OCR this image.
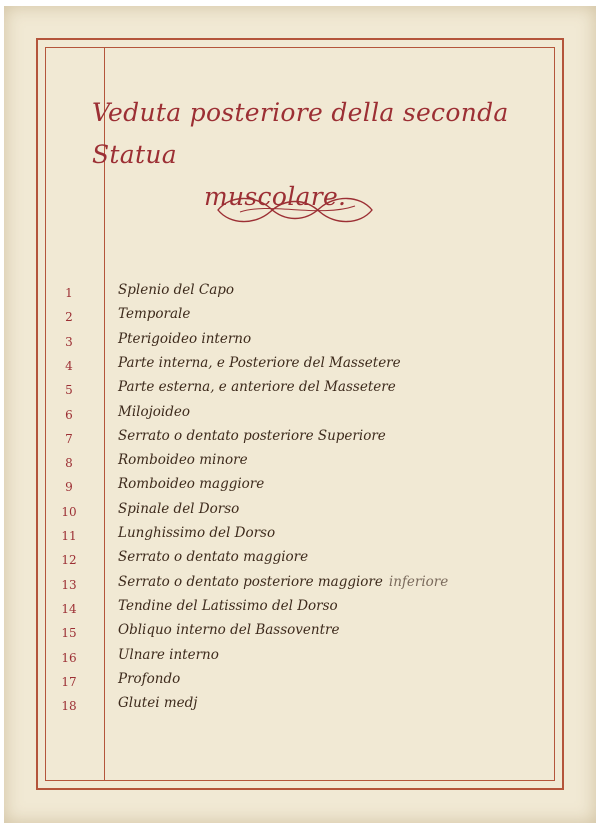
Veduta posteriore della seconda Statua
muscolare.
1	Splenio del Capo
2	Temporale
3	Pterigoideo interno
4	Parte interna, e Posteriore del Massetere
5	Parte esterna, e anteriore del Massetere
6	Milojoideo
7	Serrato o dentato posteriore Superiore
8	Romboideo minore
9	Romboideo maggiore
10	Spinale del Dorso
11	Lunghissimo del Dorso
12	Serrato o dentato maggiore
13	Serrato o dentato posteriore maggiore inferiore
14	Tendine del Latissimo del Dorso
15	Obliquo interno del Bassoventre
16	Ulnare interno
17	Profondo
18	Glutei medj
